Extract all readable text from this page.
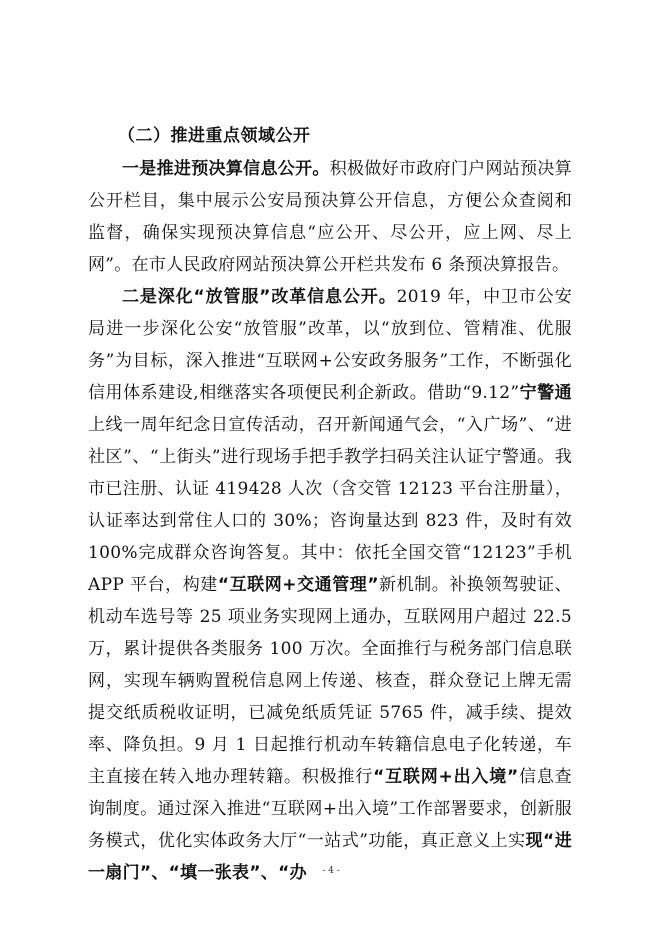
（二）推进重点领域公开

一是推进预决算信息公开。积极做好市政府门户网站预决算公开栏目，集中展示公安局预决算公开信息，方便公众查阅和监督，确保实现预决算信息“应公开、尽公开，应上网、尽上网”。在市人民政府网站预决算公开栏共发布 6 条预决算报告。

二是深化“放管服”改革信息公开。2019 年，中卫市公安局进一步深化公安“放管服”改革，以“放到位、管精准、优服务”为目标，深入推进“互联网+公安政务服务”工作，不断强化信用体系建设,相继落实各项便民利企新政。借助“9.12”宁警通上线一周年纪念日宣传活动，召开新闻通气会，“入广场”、“进社区”、“上街头”进行现场手把手教学扫码关注认证宁警通。我市已注册、认证 419428 人次（含交管 12123 平台注册量），认证率达到常住人口的 30%；咨询量达到 823 件，及时有效 100%完成群众咨询答复。其中：依托全国交管“12123”手机 APP 平台，构建“互联网+交通管理”新机制。补换领驾驶证、机动车选号等 25 项业务实现网上通办，互联网用户超过 22.5 万，累计提供各类服务 100 万次。全面推行与税务部门信息联网，实现车辆购置税信息网上传递、核查，群众登记上牌无需提交纸质税收证明，已减免纸质凭证 5765 件，减手续、提效率、降负担。9 月 1 日起推行机动车转籍信息电子化转递，车主直接在转入地办理转籍。积极推行“互联网+出入境”信息查询制度。通过深入推进“互联网+出入境”工作部署要求，创新服务模式，优化实体政务大厅“一站式”功能，真正意义上实现“进一扇门”、“填一张表”、“办	- 4 -
